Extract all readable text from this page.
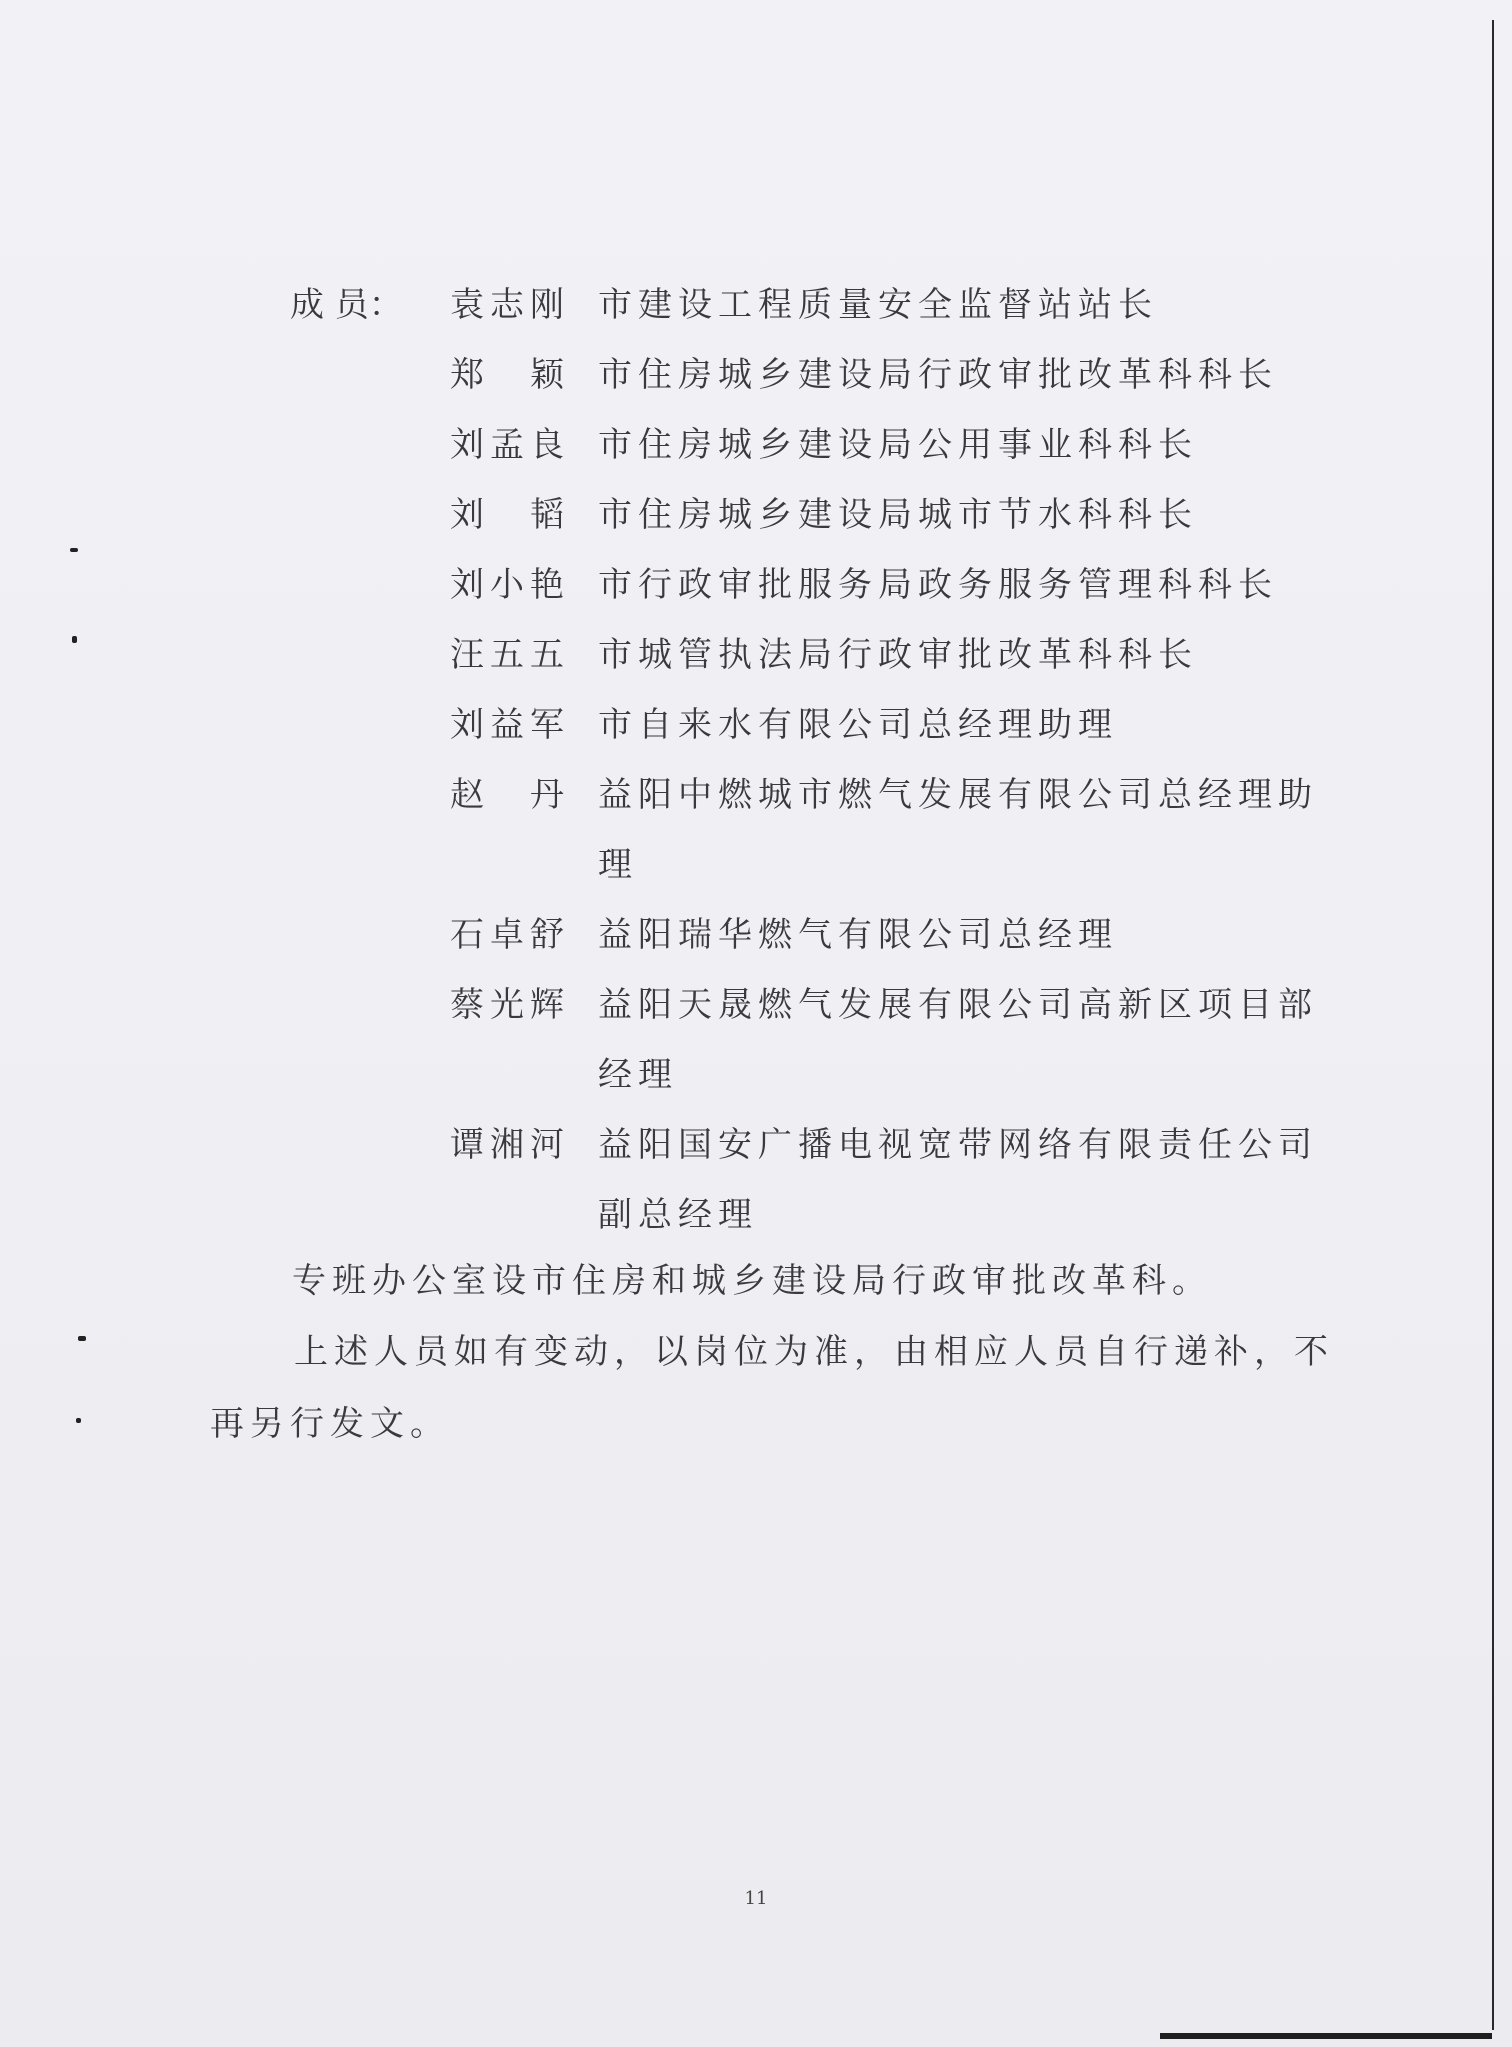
成 员：	袁志刚 市建设工程质量安全监督站站长
郑颖
市住房城乡建设局行政审批改革科科长
刘孟良 市住房城乡建设局公用事业科科长
刘韬
市住房城乡建设局城市节水科科长
刘小艳 市行政审批服务局政务服务管理科科长
汪五五 市城管执法局行政审批改革科科长
刘益军 市自来水有限公司总经理助理
赵丹
益阳中燃城市燃气发展有限公司总经理助理
石卓舒 益阳瑞华燃气有限公司总经理
蔡光辉 益阳天晟燃气发展有限公司高新区项目部经理
谭湘河 益阳国安广播电视宽带网络有限责任公司副总经理
专班办公室设市住房和城乡建设局行政审批改革科。
上述人员如有变动，以岗位为准，由相应人员自行递补，不再另行发文。
11
